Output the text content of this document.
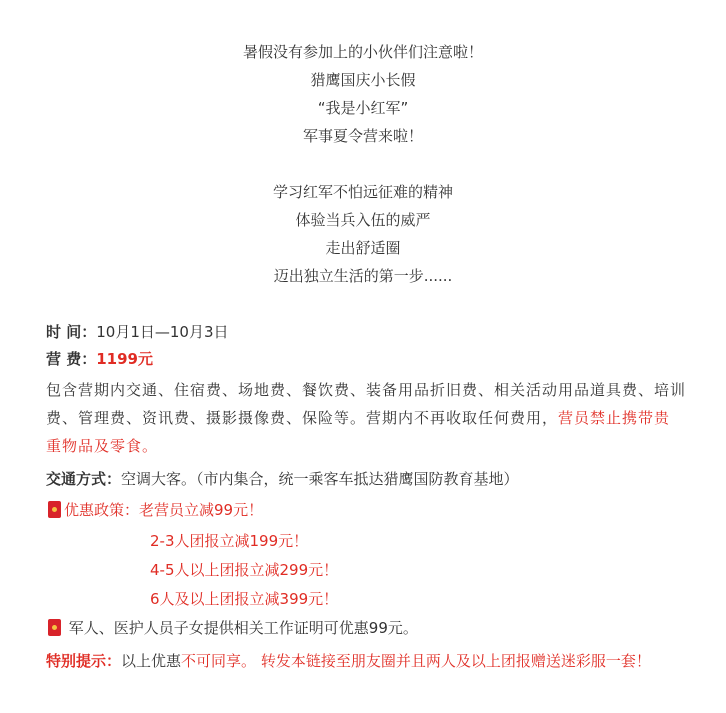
暑假没有参加上的小伙伴们注意啦！
猎鹰国庆小长假
“我是小红军”
军事夏令营来啦！
学习红军不怕远征难的精神
体验当兵入伍的威严
走出舒适圈
迈出独立生活的第一步......
时 间：10月1日—10月3日
营 费：1199元
包含营期内交通、住宿费、场地费、餐饮费、装备用品折旧费、相关活动用品道具费、培训费、管理费、资讯费、摄影摄像费、保险等。营期内不再收取任何费用，营员禁止携带贵重物品及零食。
交通方式：空调大客。（市内集合，统一乘客车抵达猎鹰国防教育基地）
优惠政策：老营员立减99元！
2-3人团报立减199元！
4-5人以上团报立减299元！
6人及以上团报立减399元！
军人、医护人员子女提供相关工作证明可优惠99元。
特别提示：以上优惠不可同享。 转发本链接至朋友圈并且两人及以上团报赠送迷彩服一套！
